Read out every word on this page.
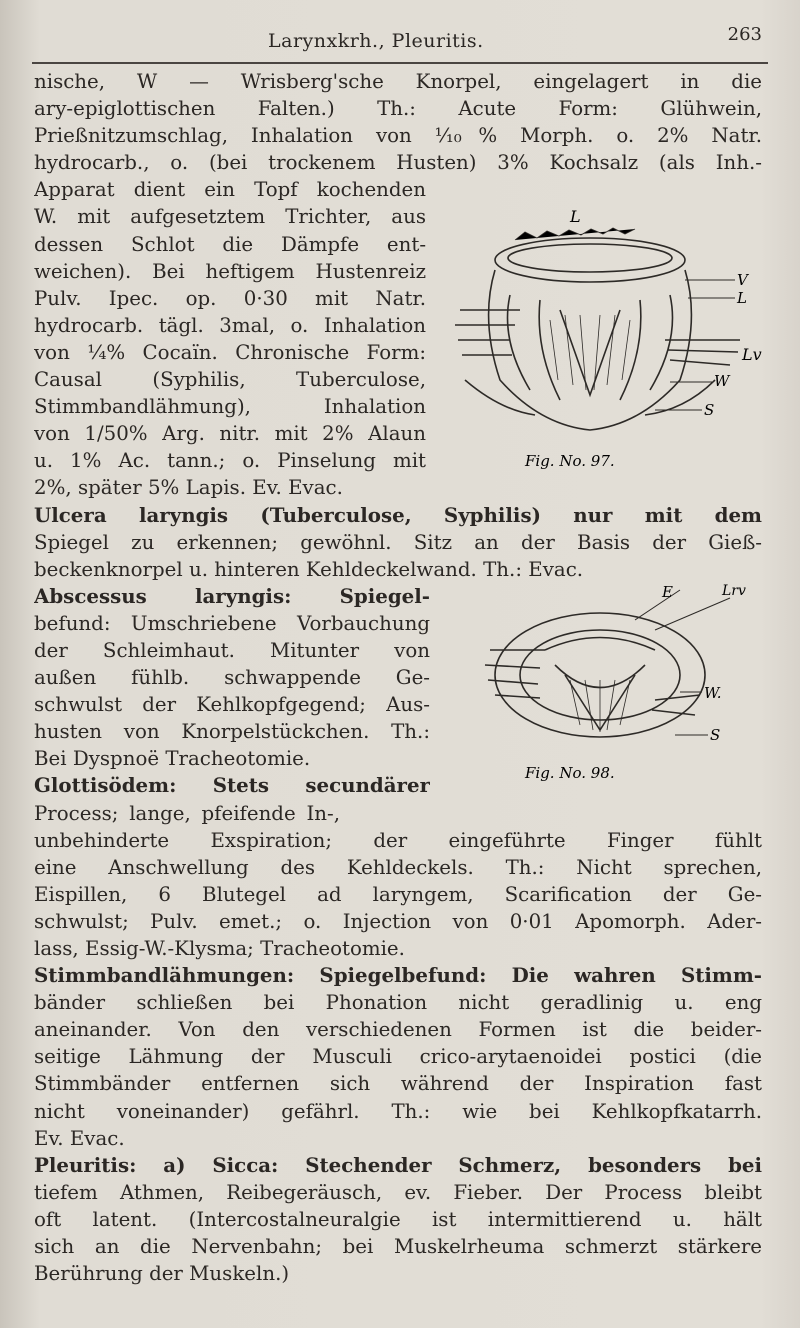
Larynxkrh., Pleuritis.	263

nische, W — Wrisberg'sche Knorpel, eingelagert in die

ary-epiglottischen Falten.) Th.: Acute Form: Glühwein,

Prießnitzumschlag, Inhalation von ⅒% Morph. o. 2% Natr.

hydrocarb., o. (bei trockenem Husten) 3% Kochsalz (als Inh.-

Apparat dient ein Topf kochenden

W. mit aufgesetztem Trichter, aus

dessen Schlot die Dämpfe ent-

weichen). Bei heftigem Hustenreiz

Pulv. Ipec. op. 0·30 mit Natr.

hydrocarb. tägl. 3mal, o. Inhalation

von ¼% Cocaïn. Chronische Form:

Causal (Syphilis, Tuberculose,

Stimmbandlähmung), Inhalation

von 1/50% Arg. nitr. mit 2% Alaun

u. 1% Ac. tann.; o. Pinselung mit

2%, später 5% Lapis. Ev. Evac.

Ulcera laryngis (Tuberculose, Syphilis) nur mit dem

Spiegel zu erkennen; gewöhnl. Sitz an der Basis der Gieß-

beckenknorpel u. hinteren Kehldeckelwand. Th.: Evac.

Abscessus laryngis: Spiegel-

befund: Umschriebene Vorbauchung

der Schleimhaut. Mitunter von

außen fühlb. schwappende Ge-

schwulst der Kehlkopfgegend; Aus-

husten von Knorpelstückchen. Th.:

Bei Dyspnoë Tracheotomie.

Glottisödem: Stets secundärer

Process; lange, pfeifende In-,

unbehinderte Exspiration; der eingeführte Finger fühlt

eine Anschwellung des Kehldeckels. Th.: Nicht sprechen,

Eispillen, 6 Blutegel ad laryngem, Scarification der Ge-

schwulst; Pulv. emet.; o. Injection von 0·01 Apomorph. Ader-

lass, Essig-W.-Klysma; Tracheotomie.

Stimmbandlähmungen: Spiegelbefund: Die wahren Stimm-

bänder schließen bei Phonation nicht geradlinig u. eng

aneinander. Von den verschiedenen Formen ist die beider-

seitige Lähmung der Musculi crico-arytaenoidei postici (die

Stimmbänder entfernen sich während der Inspiration fast

nicht voneinander) gefährl. Th.: wie bei Kehlkopfkatarrh.

Ev. Evac.

Pleuritis: a) Sicca: Stechender Schmerz, besonders bei

tiefem Athmen, Reibegeräusch, ev. Fieber. Der Process bleibt

oft latent. (Intercostalneuralgie ist intermittierend u. hält

sich an die Nervenbahn; bei Muskelrheuma schmerzt stärkere

Berührung der Muskeln.)

L
V
L
Lv
W
S
Fig. No. 97.
E	Lrv
W.
S
Fig. No. 98.
